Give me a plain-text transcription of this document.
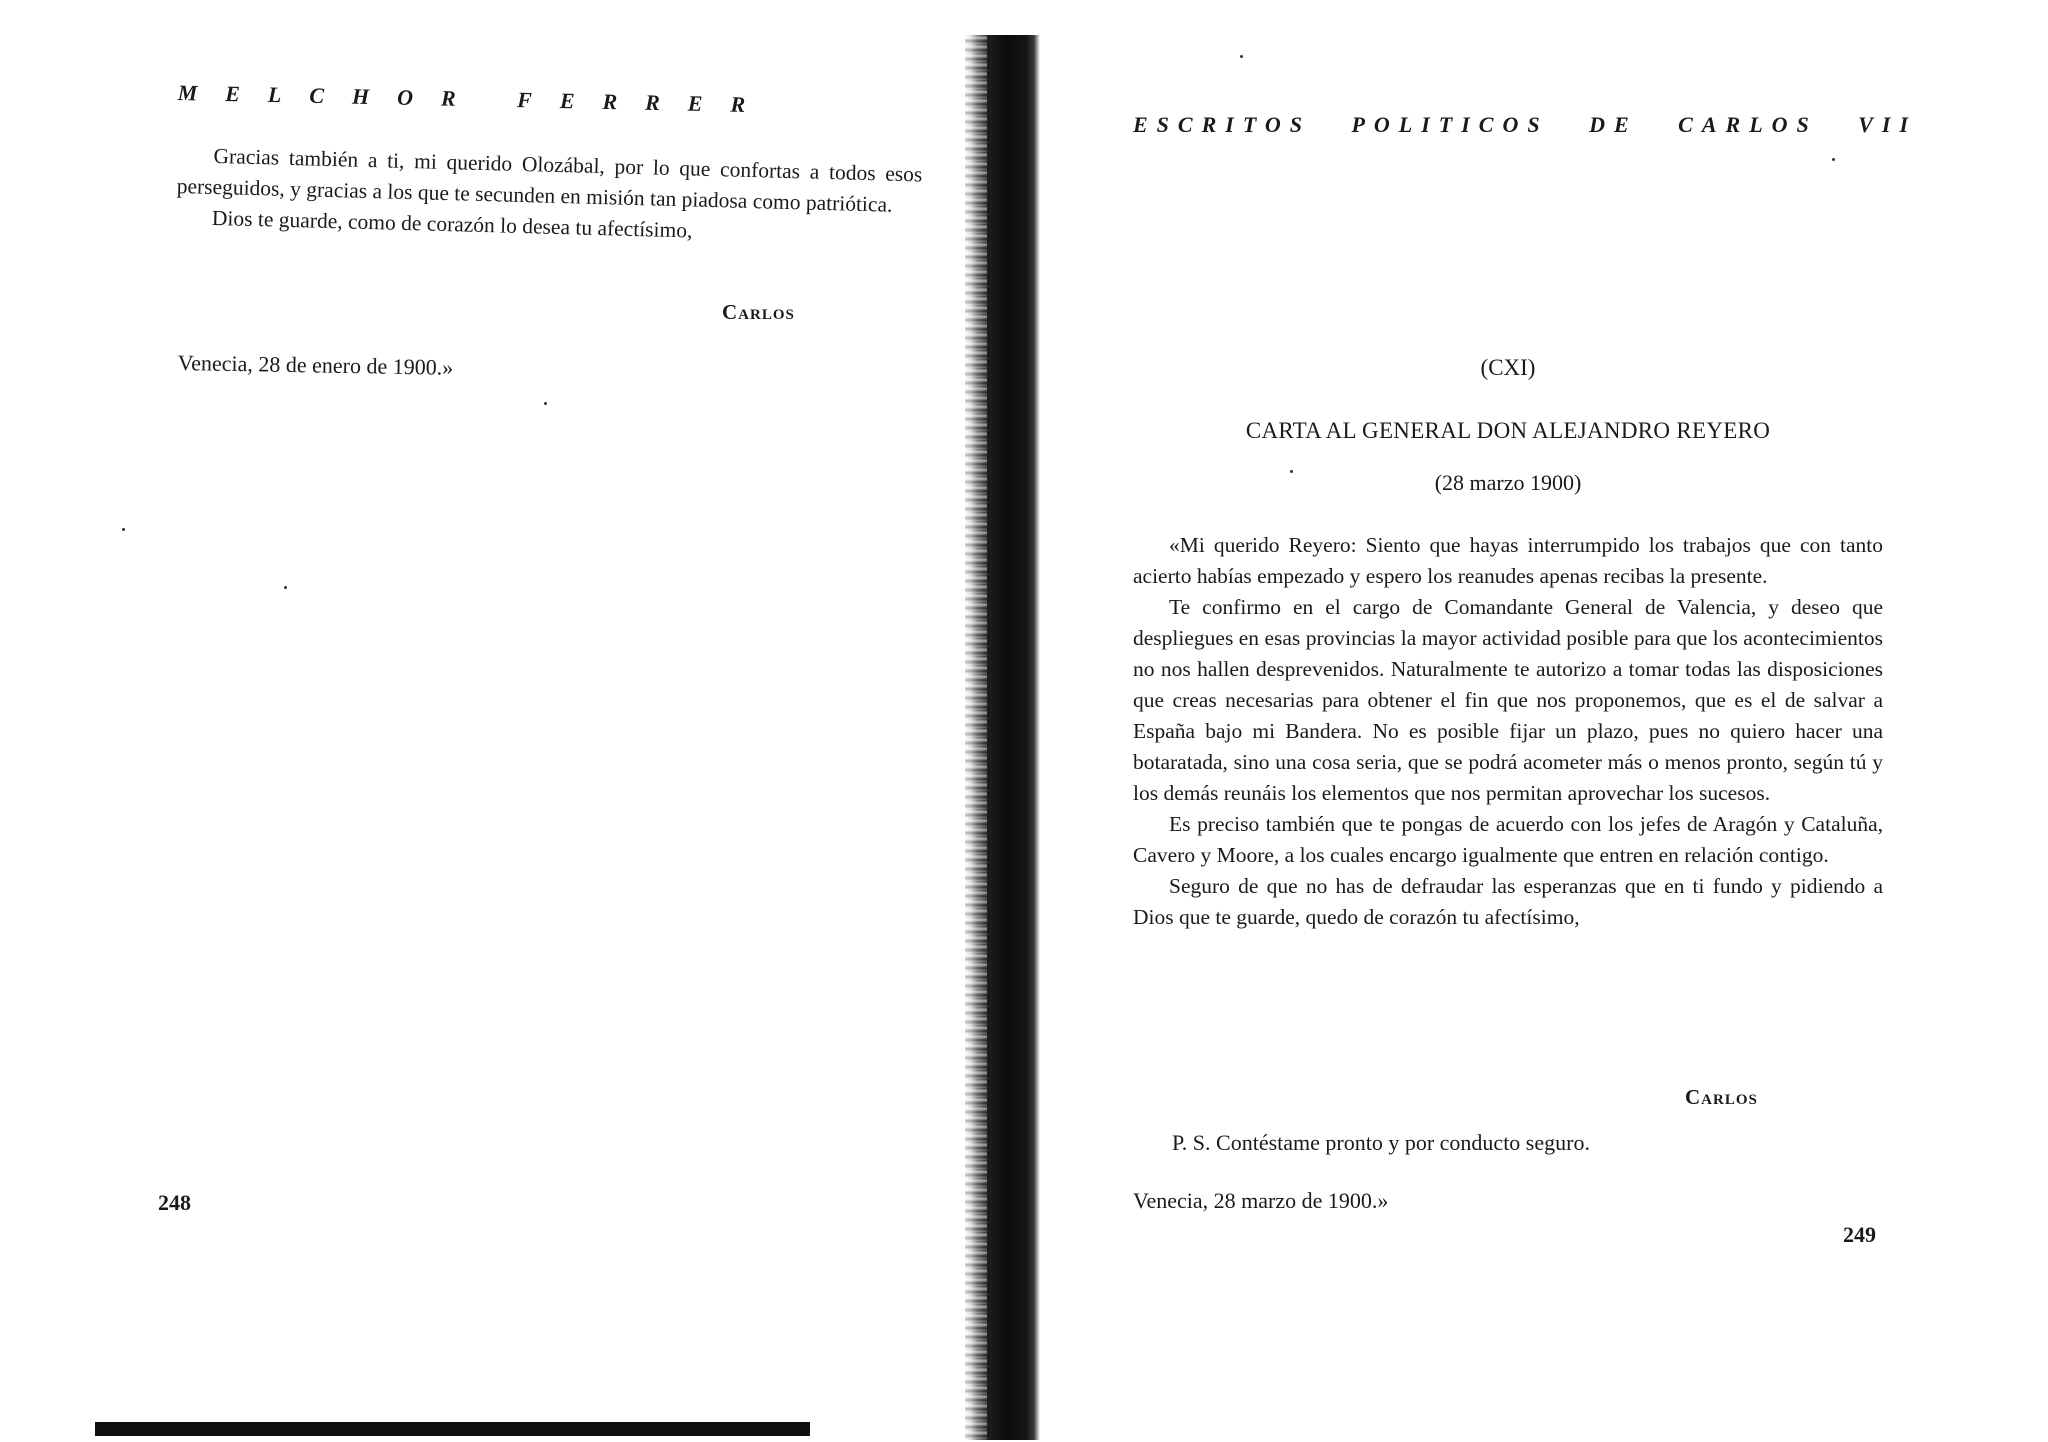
MELCHOR FERRER

Gracias también a ti, mi querido Olozábal, por lo que confortas a todos esos perseguidos, y gracias a los que te secunden en misión tan piadosa como patriótica.

Dios te guarde, como de corazón lo desea tu afectísimo,

Carlos
Venecia, 28 de enero de 1900.»
248
ESCRITOS POLITICOS DE CARLOS VII
(CXI)
CARTA AL GENERAL DON ALEJANDRO REYERO
(28 marzo 1900)

«Mi querido Reyero: Siento que hayas interrumpido los trabajos que con tanto acierto habías empezado y espero los reanudes apenas recibas la presente.

Te confirmo en el cargo de Comandante General de Valencia, y deseo que despliegues en esas provincias la mayor actividad posible para que los acontecimientos no nos hallen desprevenidos. Naturalmente te autorizo a tomar todas las disposiciones que creas necesarias para obtener el fin que nos proponemos, que es el de salvar a España bajo mi Bandera. No es posible fijar un plazo, pues no quiero hacer una botaratada, sino una cosa seria, que se podrá acometer más o menos pronto, según tú y los demás reunáis los elementos que nos permitan aprovechar los sucesos.

Es preciso también que te pongas de acuerdo con los jefes de Aragón y Cataluña, Cavero y Moore, a los cuales encargo igualmente que entren en relación contigo.

Seguro de que no has de defraudar las esperanzas que en ti fundo y pidiendo a Dios que te guarde, quedo de corazón tu afectísimo,

Carlos
P. S. Contéstame pronto y por conducto seguro.
Venecia, 28 marzo de 1900.»
249
